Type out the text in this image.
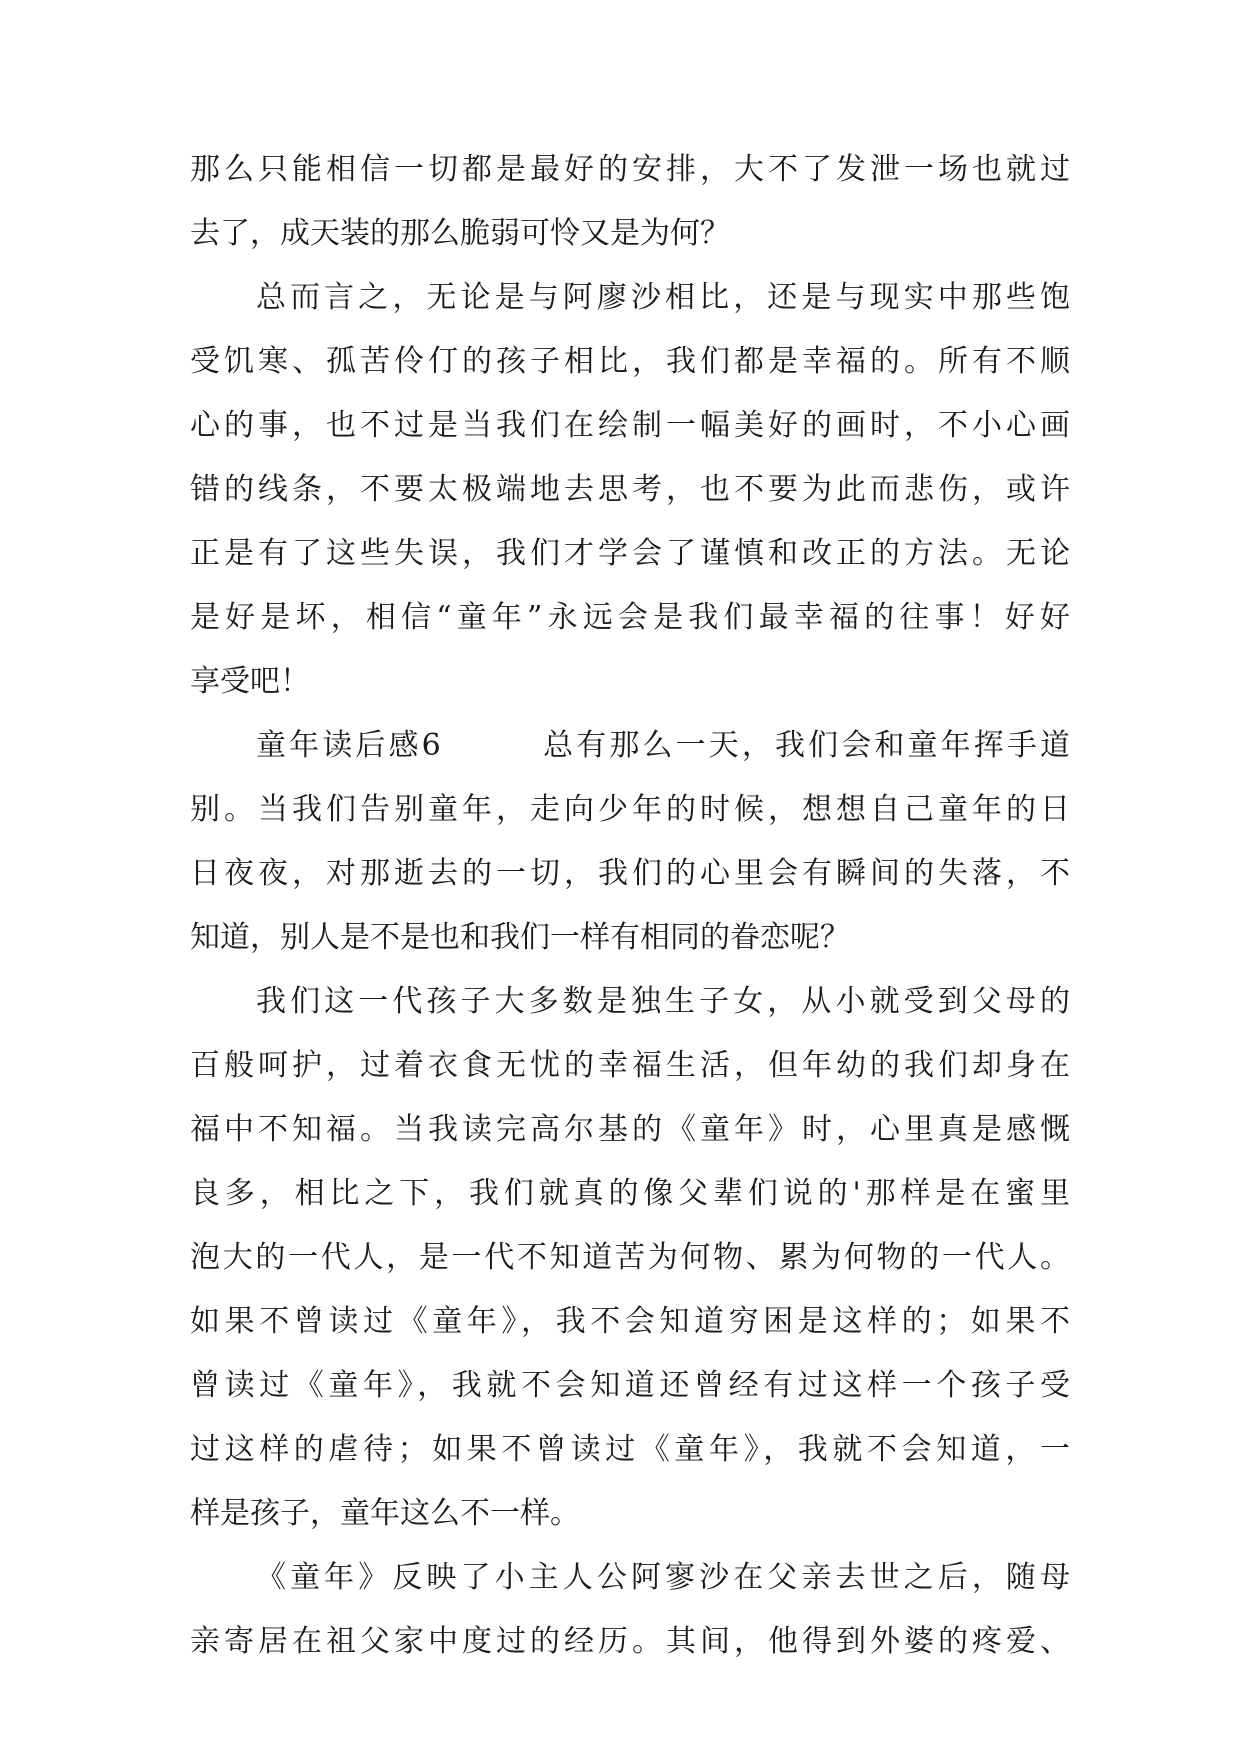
那么只能相信一切都是最好的安排，大不了发泄一场也就过
去了，成天装的那么脆弱可怜又是为何？
总而言之，无论是与阿廖沙相比，还是与现实中那些饱
受饥寒、孤苦伶仃的孩子相比，我们都是幸福的。所有不顺
心的事，也不过是当我们在绘制一幅美好的画时，不小心画
错的线条，不要太极端地去思考，也不要为此而悲伤，或许
正是有了这些失误，我们才学会了谨慎和改正的方法。无论
是好是坏，相信“童年”永远会是我们最幸福的往事！好好
享受吧！
童年读后感6　　　总有那么一天，我们会和童年挥手道
别。当我们告别童年，走向少年的时候，想想自己童年的日
日夜夜，对那逝去的一切，我们的心里会有瞬间的失落，不
知道，别人是不是也和我们一样有相同的眷恋呢？
我们这一代孩子大多数是独生子女，从小就受到父母的
百般呵护，过着衣食无忧的幸福生活，但年幼的我们却身在
福中不知福。当我读完高尔基的《童年》时，心里真是感慨
良多，相比之下，我们就真的像父辈们说的'那样是在蜜里
泡大的一代人，是一代不知道苦为何物、累为何物的一代人。
如果不曾读过《童年》，我不会知道穷困是这样的；如果不
曾读过《童年》，我就不会知道还曾经有过这样一个孩子受
过这样的虐待；如果不曾读过《童年》，我就不会知道，一
样是孩子，童年这么不一样。
《童年》反映了小主人公阿寥沙在父亲去世之后，随母
亲寄居在祖父家中度过的经历。其间，他得到外婆的疼爱、
